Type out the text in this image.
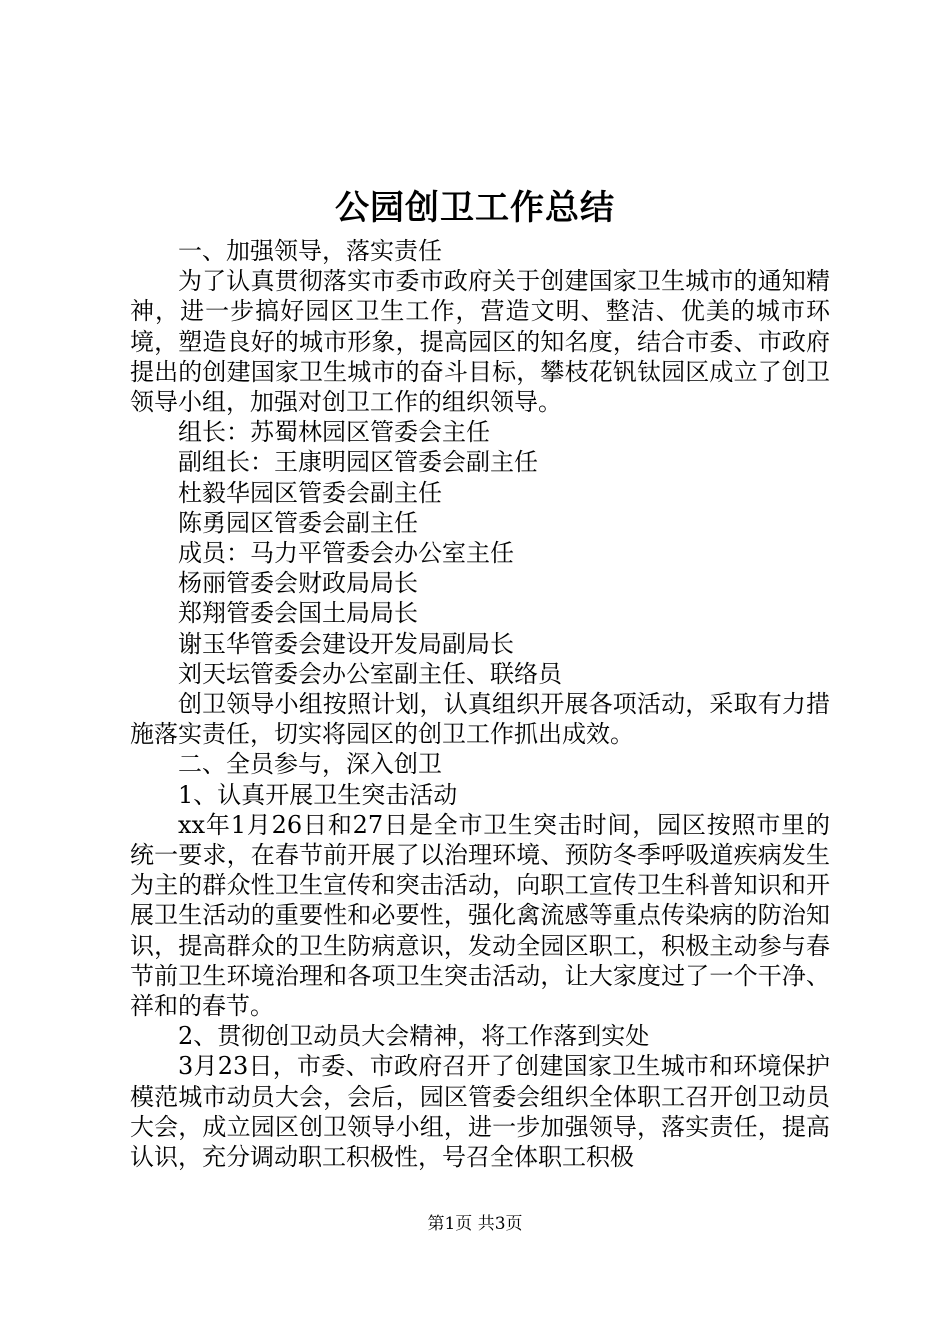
公园创卫工作总结

一、加强领导，落实责任

为了认真贯彻落实市委市政府关于创建国家卫生城市的通知精神，进一步搞好园区卫生工作，营造文明、整洁、优美的城市环境，塑造良好的城市形象，提高园区的知名度，结合市委、市政府提出的创建国家卫生城市的奋斗目标，攀枝花钒钛园区成立了创卫领导小组，加强对创卫工作的组织领导。

组长：苏蜀林园区管委会主任

副组长：王康明园区管委会副主任

杜毅华园区管委会副主任

陈勇园区管委会副主任

成员：马力平管委会办公室主任

杨丽管委会财政局局长

郑翔管委会国土局局长

谢玉华管委会建设开发局副局长

刘天坛管委会办公室副主任、联络员

创卫领导小组按照计划，认真组织开展各项活动，采取有力措施落实责任，切实将园区的创卫工作抓出成效。

二、全员参与，深入创卫

1、认真开展卫生突击活动

xx年1月26日和27日是全市卫生突击时间，园区按照市里的统一要求，在春节前开展了以治理环境、预防冬季呼吸道疾病发生为主的群众性卫生宣传和突击活动，向职工宣传卫生科普知识和开展卫生活动的重要性和必要性，强化禽流感等重点传染病的防治知识，提高群众的卫生防病意识，发动全园区职工，积极主动参与春节前卫生环境治理和各项卫生突击活动，让大家度过了一个干净、祥和的春节。

2、贯彻创卫动员大会精神，将工作落到实处

3月23日，市委、市政府召开了创建国家卫生城市和环境保护模范城市动员大会，会后，园区管委会组织全体职工召开创卫动员大会，成立园区创卫领导小组，进一步加强领导，落实责任，提高认识，充分调动职工积极性，号召全体职工积极

第1页 共3页
